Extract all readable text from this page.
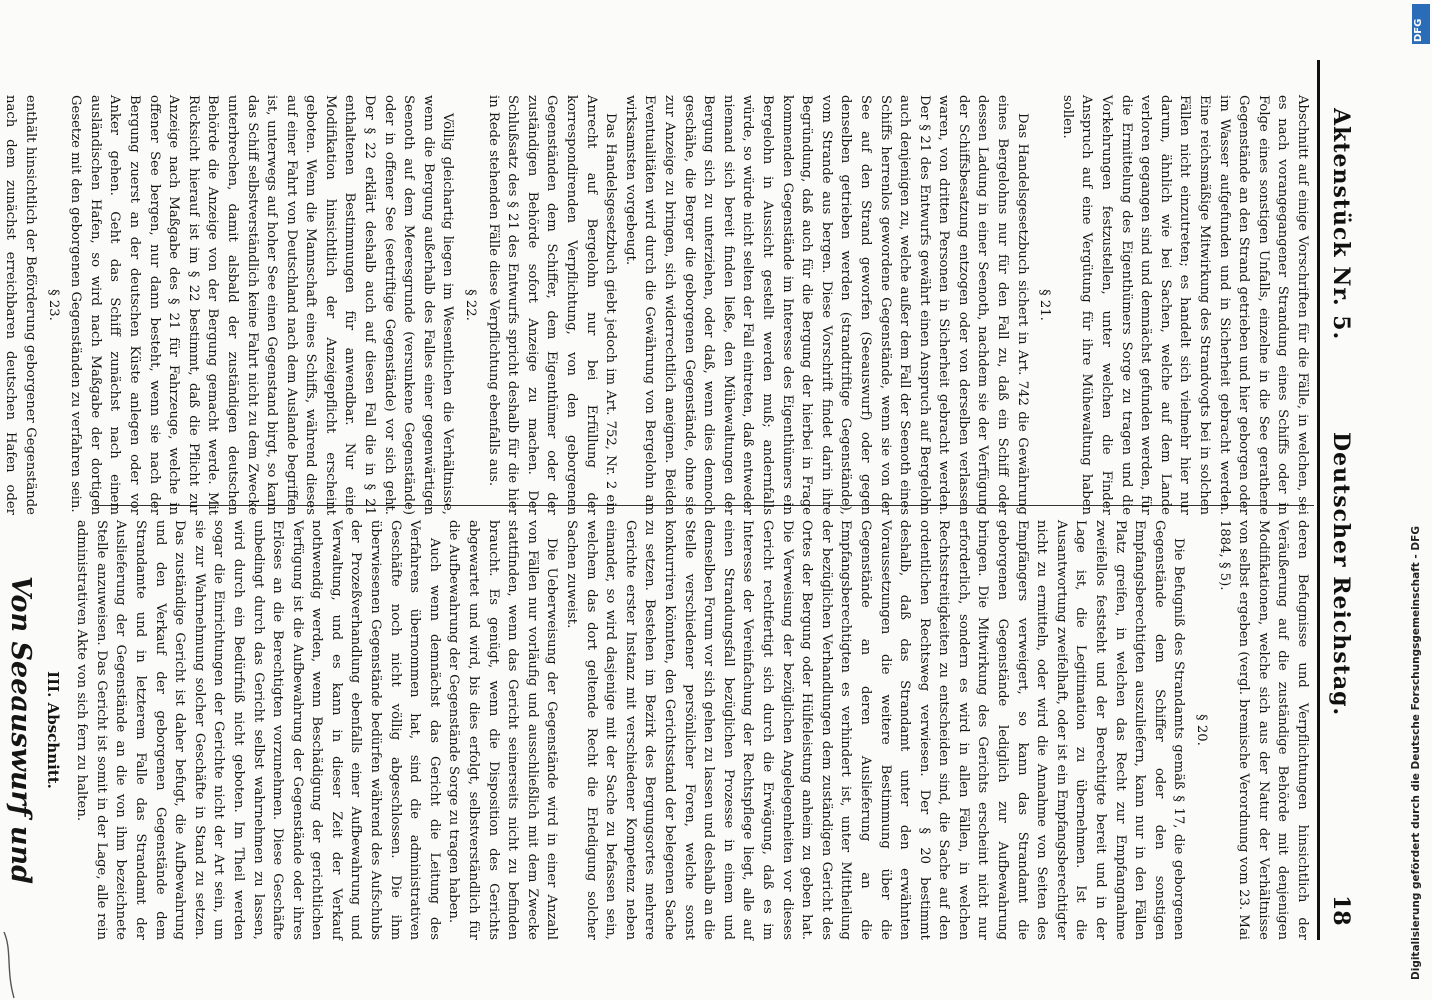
18
Deutscher Reichstag.
Aktenstück Nr. 5.

deren Befugnisse und Verpflichtungen hinsichtlich der Veräußerung auf die zuständige Behörde mit denjenigen Modifikationen, welche sich aus der Natur der Verhältnisse von selbst ergeben (vergl. bremische Verordnung vom 23. Mai 1884, § 5).

§ 20.

Die Befugniß des Strandamts gemäß § 17, die geborgenen Gegenstände dem Schiffer oder den sonstigen Empfangsberechtigten auszuliefern, kann nur in den Fällen Platz greifen, in welchen das Recht zur Empfangnahme zweifellos feststeht und der Berechtigte bereit und in der Lage ist, die Legitimation zu übernehmen. Ist die Ausantwortung zweifelhaft, oder ist ein Empfangsberechtigter nicht zu ermitteln, oder wird die Annahme von Seiten des Empfängers verweigert, so kann das Strandamt die geborgenen Gegenstände lediglich zur Aufbewahrung bringen. Die Mitwirkung des Gerichts erscheint nicht nur erforderlich, sondern es wird in allen Fällen, in welchen Rechtsstreitigkeiten zu entscheiden sind, die Sache auf den ordentlichen Rechtsweg verwiesen. Der § 20 bestimmt deshalb, daß das Strandamt unter den erwähnten Voraussetzungen die weitere Bestimmung über die Gegenstände an deren Auslieferung an die Empfangsberechtigten es verhindert ist, unter Mittheilung der bezüglichen Verhandlungen dem zuständigen Gericht des Ortes der Bergung oder Hülfeleistung anheim zu geben hat. Die Verweisung der bezüglichen Angelegenheiten vor dieses Gericht rechtfertigt sich durch die Erwägung, daß es im Interesse der Vereinfachung der Rechtspflege liegt, alle auf einen Strandungsfall bezüglichen Prozesse in einem und demselben Forum vor sich gehen zu lassen und deshalb an die Stelle verschiedener persönlicher Foren, welche sonst konkurriren könnten, den Gerichtsstand der belegenen Sache zu setzen. Bestehen im Bezirk des Bergungsortes mehrere Gerichte erster Instanz mit verschiedener Kompetenz neben einander, so wird dasjenige mit der Sache zu befassen sein, welchem das dort geltende Recht die Erledigung solcher Sachen zuweist.

Die Ueberweisung der Gegenstände wird in einer Anzahl von Fällen nur vorläufig und ausschließlich mit dem Zwecke stattfinden, wenn das Gericht seinerseits nicht zu befinden braucht. Es genügt, wenn die Disposition des Gerichts abgewartet und wird, bis dies erfolgt, selbstverständlich für die Aufbewahrung der Gegenstände Sorge zu tragen haben.

Auch wenn demnächst das Gericht die Leitung des Verfahrens übernommen hat, sind die administrativen Geschäfte noch nicht völlig abgeschlossen. Die ihm überwiesenen Gegenstände bedürfen während des Aufschubs der Prozeßverhandlung ebenfalls einer Aufbewahrung und Verwaltung, und es kann in dieser Zeit der Verkauf nothwendig werden, wenn Beschädigung der gerichtlichen Verfügung ist die Aufbewahrung der Gegenstände oder ihres Erlöses an die Berechtigten vorzunehmen. Diese Geschäfte unbedingt durch das Gericht selbst wahrnehmen zu lassen, wird durch ein Bedürfniß nicht geboten. Im Theil werden sogar die Einrichtungen der Gerichte nicht der Art sein, um sie zur Wahrnehmung solcher Geschäfte in Stand zu setzen. Das zuständige Gericht ist daher befugt, die Aufbewahrung und den Verkauf der geborgenen Gegenstände dem Strandamte und in letzterem Falle das Strandamt der Auslieferung der Gegenstände an die von ihm bezeichnete Stelle anzuweisen. Das Gericht ist somit in der Lage, alle rein administrativen Akte von sich fern zu halten.

III. Abschnitt.
Von Seeauswurf und

Abschnitt auf einige Vorschriften für die Fälle, in welchen, sei es nach vorangegangener Strandung eines Schiffs oder in Folge eines sonstigen Unfalls, einzelne in die See gerathene Gegenstände an den Strand getrieben und hier geborgen oder im Wasser aufgefunden und in Sicherheit gebracht werden. Eine reichsmäßige Mitwirkung des Strandvogts bei in solchen Fällen nicht einzutreten; es handelt sich vielmehr hier nur darum, ähnlich wie bei Sachen, welche auf dem Lande verloren gegangen sind und demnächst gefunden werden, für die Ermittelung des Eigenthümers Sorge zu tragen und die Vorkehrungen festzustellen, unter welchen die Finder Anspruch auf eine Vergütung für ihre Mühewaltung haben sollen.

§ 21.

Das Handelsgesetzbuch sichert in Art. 742 die Gewährung eines Bergelohns nur für den Fall zu, daß ein Schiff oder dessen Ladung in einer Seenoth, nachdem sie der Verfügung der Schiffsbesatzung entzogen oder von derselben verlassen waren, von dritten Personen in Sicherheit gebracht werden. Der § 21 des Entwurfs gewährt einen Anspruch auf Bergelohn auch denjenigen zu, welche außer dem Fall der Seenoth eines Schiffs herrenlos gewordene Gegenstände, wenn sie von der See auf den Strand geworfen (Seeauswurf) oder gegen denselben getrieben werden (strandtriftige Gegenstände), vom Strande aus bergen. Diese Vorschrift findet darin ihre Begründung, daß auch für die Bergung der hierbei in Frage kommenden Gegenstände im Interesse des Eigenthümers ein Bergelohn in Aussicht gestellt werden muß; andernfalls würde, so würde nicht selten der Fall eintreten, daß entweder niemand sich bereit finden ließe, den Mühewaltungen der Bergung sich zu unterziehen, oder daß, wenn dies dennoch geschähe, die Berger die geborgenen Gegenstände, ohne sie zur Anzeige zu bringen, sich widerrechtlich aneignen. Beiden Eventualitäten wird durch die Gewährung von Bergelohn am wirksamsten vorgebeugt.

Das Handelsgesetzbuch giebt jedoch im Art. 752, Nr. 2 ein Anrecht auf Bergelohn nur bei Erfüllung der korrespondirenden Verpflichtung, von den geborgenen Gegenständen dem Schiffer, dem Eigenthümer oder der zuständigen Behörde sofort Anzeige zu machen. Der Schlußsatz des § 21 des Entwurfs spricht deshalb für die hier in Rede stehenden Fälle diese Verpflichtung ebenfalls aus.

§ 22.

Völlig gleichartig liegen im Wesentlichen die Verhältnisse, wenn die Bergung außerhalb des Falles einer gegenwärtigen Seenoth auf dem Meeresgrunde (versunkene Gegenstände) oder in offener See (seetriftige Gegenstände) vor sich geht. Der § 22 erklärt deshalb auch auf diesen Fall die in § 21 enthaltenen Bestimmungen für anwendbar. Nur eine Modifikation hinsichtlich der Anzeigepflicht erscheint geboten. Wenn die Mannschaft eines Schiffs, während dieses auf einer Fahrt von Deutschland nach dem Auslande begriffen ist, unterwegs auf hoher See einen Gegenstand birgt, so kann das Schiff selbstverständlich keine Fahrt nicht zu dem Zwecke unterbrechen, damit alsbald der zuständigen deutschen Behörde die Anzeige von der Bergung gemacht werde. Mit Rücksicht hierauf ist im § 22 bestimmt, daß die Pflicht zur Anzeige nach Maßgabe des § 21 für Fahrzeuge, welche in offener See bergen, nur dann besteht, wenn sie nach der Bergung zuerst an der deutschen Küste anlegen oder vor Anker gehen. Geht das Schiff zunächst nach einem ausländischen Hafen, so wird nach Maßgabe der dortigen Gesetze mit den geborgenen Gegenständen zu verfahren sein.

§ 23.

enthält hinsichtlich der Beförderung geborgener Gegenstände nach dem zunächst erreichbaren deutschen Hafen oder

Digitalisierung gefördert durch die Deutsche Forschungsgemeinschaft - DFG
DFG
